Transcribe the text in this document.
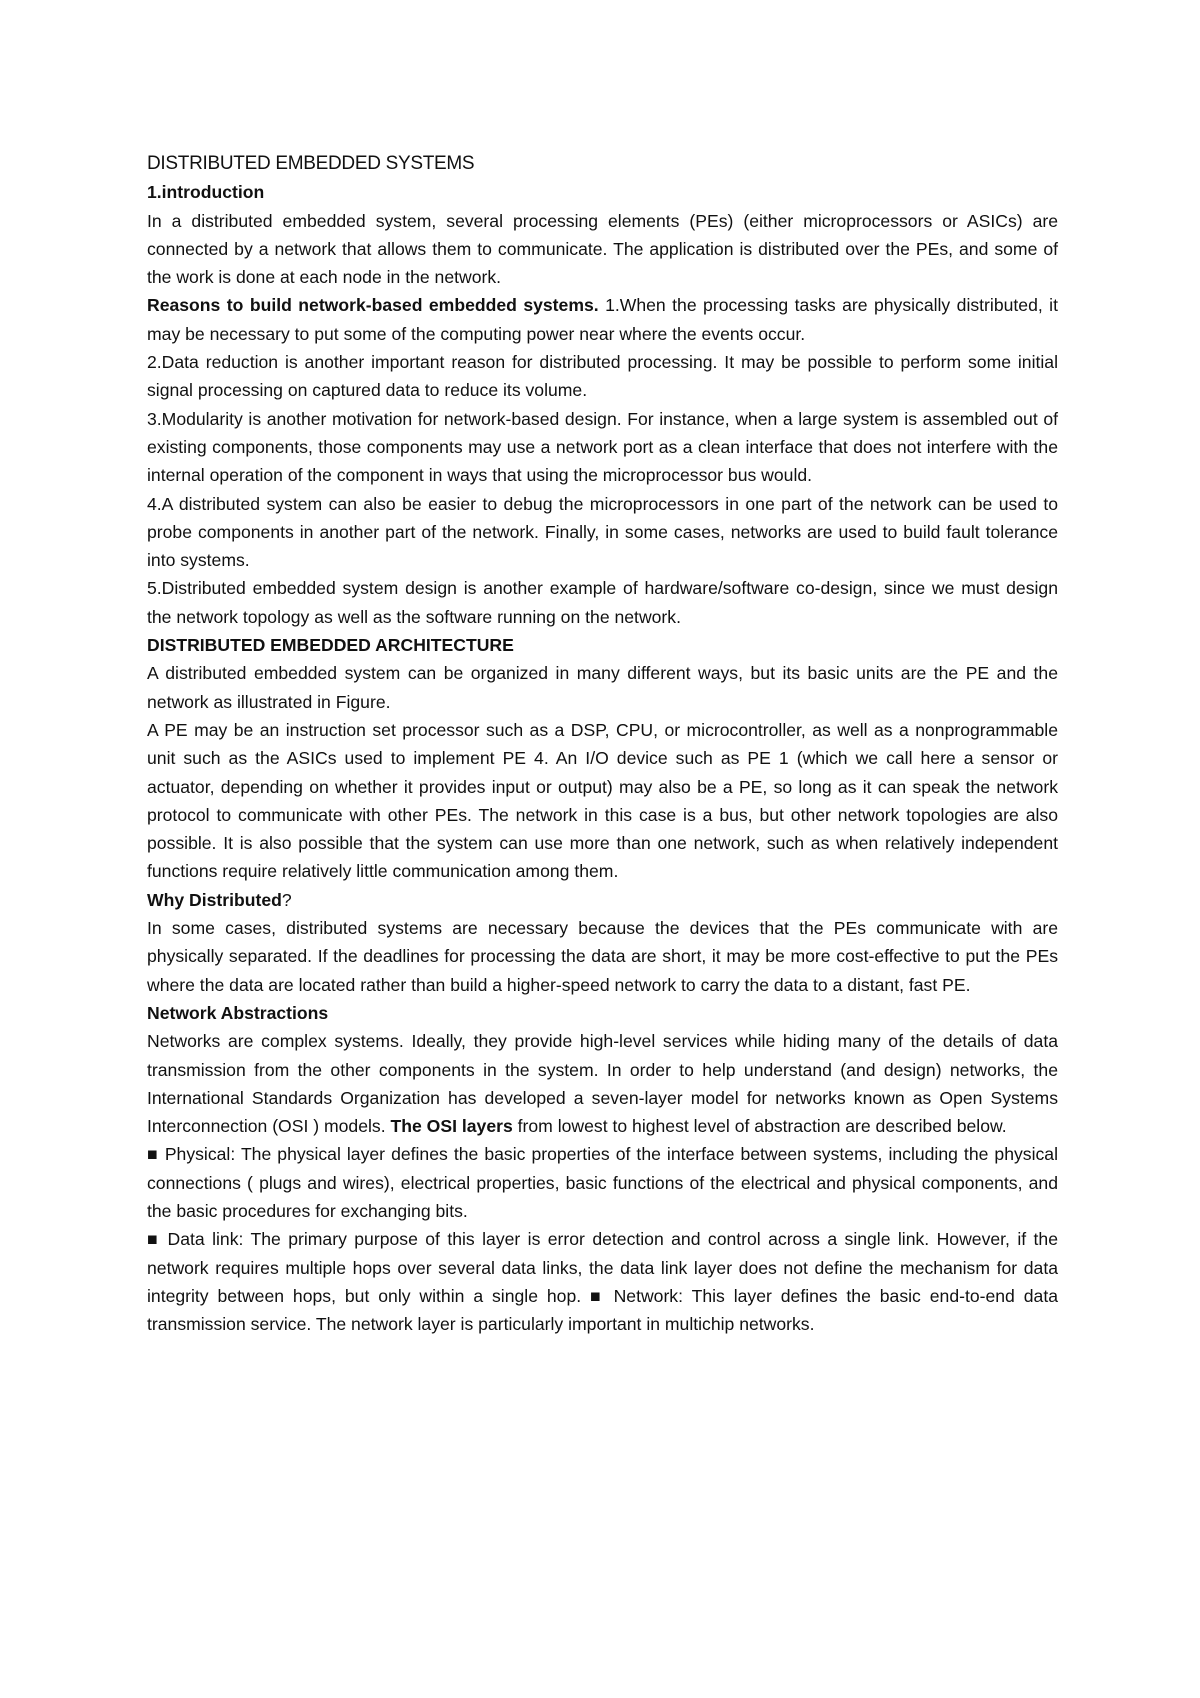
DISTRIBUTED EMBEDDED SYSTEMS

1.introduction

In a distributed embedded system, several processing elements (PEs) (either microprocessors or ASICs) are connected by a network that allows them to communicate. The application is distributed over the PEs, and some of the work is done at each node in the network.

Reasons to build network-based embedded systems. 1.When the processing tasks are physically distributed, it may be necessary to put some of the computing power near where the events occur.

2.Data reduction is another important reason for distributed processing. It may be possible to perform some initial signal processing on captured data to reduce its volume.

3.Modularity is another motivation for network-based design. For instance, when a large system is assembled out of existing components, those components may use a network port as a clean interface that does not interfere with the internal operation of the component in ways that using the microprocessor bus would.

4.A distributed system can also be easier to debug the microprocessors in one part of the network can be used to probe components in another part of the network. Finally, in some cases, networks are used to build fault tolerance into systems.

5.Distributed embedded system design is another example of hardware/software co-design, since we must design the network topology as well as the software running on the network.

DISTRIBUTED EMBEDDED ARCHITECTURE

A distributed embedded system can be organized in many different ways, but its basic units are the PE and the network as illustrated in Figure.

A PE may be an instruction set processor such as a DSP, CPU, or microcontroller, as well as a nonprogrammable unit such as the ASICs used to implement PE 4. An I/O device such as PE 1 (which we call here a sensor or actuator, depending on whether it provides input or output) may also be a PE, so long as it can speak the network protocol to communicate with other PEs. The network in this case is a bus, but other network topologies are also possible. It is also possible that the system can use more than one network, such as when relatively independent functions require relatively little communication among them.

Why Distributed?

In some cases, distributed systems are necessary because the devices that the PEs communicate with are physically separated. If the deadlines for processing the data are short, it may be more cost-effective to put the PEs where the data are located rather than build a higher-speed network to carry the data to a distant, fast PE.

Network Abstractions

Networks are complex systems. Ideally, they provide high-level services while hiding many of the details of data transmission from the other components in the system. In order to help understand (and design) networks, the International Standards Organization has developed a seven-layer model for networks known as Open Systems Interconnection (OSI ) models. The OSI layers from lowest to highest level of abstraction are described below.

■ Physical: The physical layer defines the basic properties of the interface between systems, including the physical connections ( plugs and wires), electrical properties, basic functions of the electrical and physical components, and the basic procedures for exchanging bits.

■ Data link: The primary purpose of this layer is error detection and control across a single link. However, if the network requires multiple hops over several data links, the data link layer does not define the mechanism for data integrity between hops, but only within a single hop. ■ Network: This layer defines the basic end-to-end data transmission service. The network layer is particularly important in multichip networks.
